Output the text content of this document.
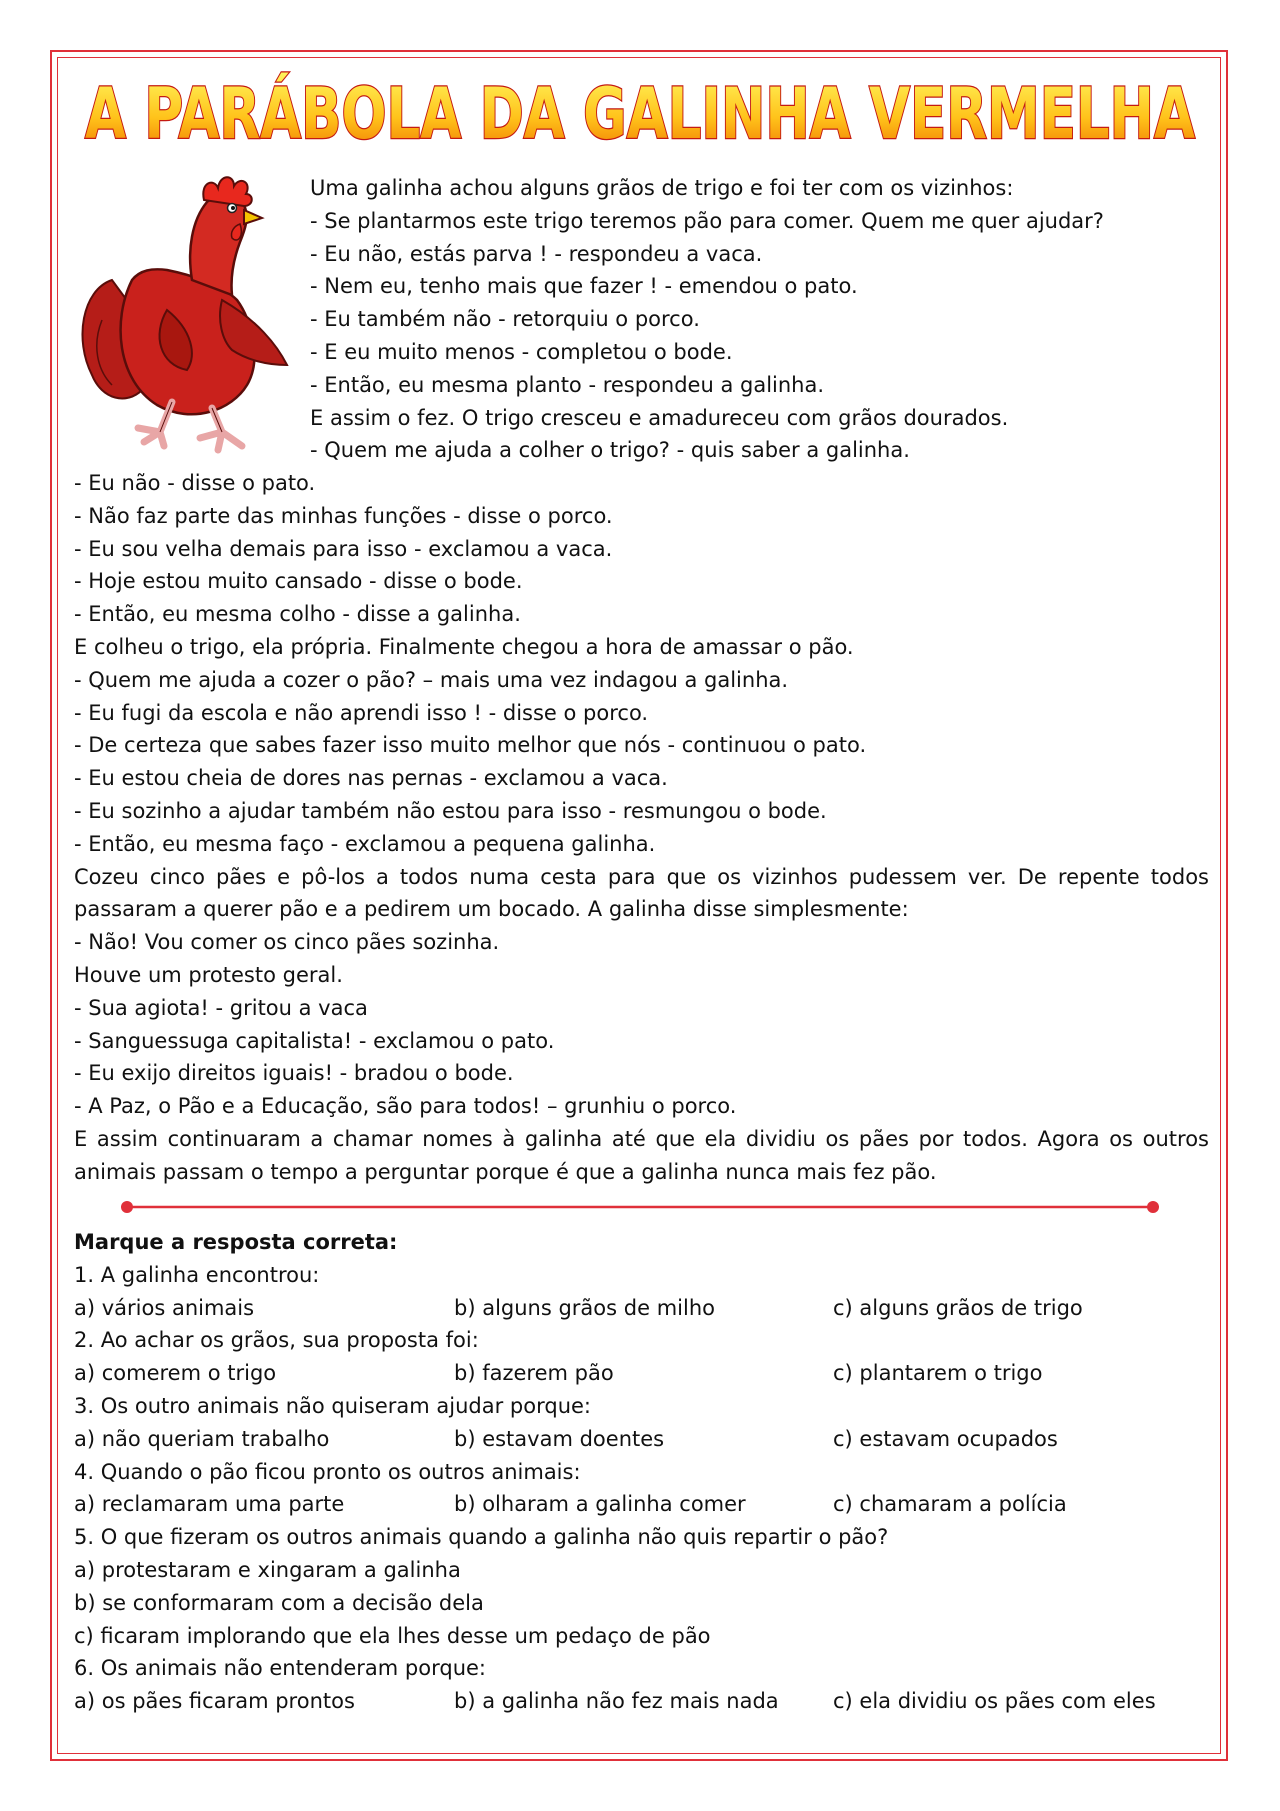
A PARÁBOLA DA GALINHA VERMELHA
Uma galinha achou alguns grãos de trigo e foi ter com os vizinhos:
- Se plantarmos este trigo teremos pão para comer. Quem me quer ajudar?
- Eu não, estás parva ! - respondeu a vaca.
- Nem eu, tenho mais que fazer ! - emendou o pato.
- Eu também não - retorquiu o porco.
- E eu muito menos - completou o bode.
- Então, eu mesma planto - respondeu a galinha.
E assim o fez. O trigo cresceu e amadureceu com grãos dourados.
- Quem me ajuda a colher o trigo? - quis saber a galinha.
- Eu não - disse o pato.
- Não faz parte das minhas funções - disse o porco.
- Eu sou velha demais para isso - exclamou a vaca.
- Hoje estou muito cansado - disse o bode.
- Então, eu mesma colho - disse a galinha.
E colheu o trigo, ela própria. Finalmente chegou a hora de amassar o pão.
- Quem me ajuda a cozer o pão? – mais uma vez indagou a galinha.
- Eu fugi da escola e não aprendi isso ! - disse o porco.
- De certeza que sabes fazer isso muito melhor que nós - continuou o pato.
- Eu estou cheia de dores nas pernas - exclamou a vaca.
- Eu sozinho a ajudar também não estou para isso - resmungou o bode.
- Então, eu mesma faço - exclamou a pequena galinha.
Cozeu cinco pães e pô-los a todos numa cesta para que os vizinhos pudessem ver. De repente todos passaram a querer pão e a pedirem um bocado. A galinha disse simplesmente:
- Não! Vou comer os cinco pães sozinha.
Houve um protesto geral.
- Sua agiota! - gritou a vaca
- Sanguessuga capitalista! - exclamou o pato.
- Eu exijo direitos iguais! - bradou o bode.
- A Paz, o Pão e a Educação, são para todos! – grunhiu o porco.
E assim continuaram a chamar nomes à galinha até que ela dividiu os pães por todos. Agora os outros animais passam o tempo a perguntar porque é que a galinha nunca mais fez pão.
Marque a resposta correta:
1. A galinha encontrou:
a) vários animais	b) alguns grãos de milho	c) alguns grãos de trigo
2. Ao achar os grãos, sua proposta foi:
a) comerem o trigo	b) fazerem pão	c) plantarem o trigo
3. Os outro animais não quiseram ajudar porque:
a) não queriam trabalho	b) estavam doentes	c) estavam ocupados
4. Quando o pão ficou pronto os outros animais:
a) reclamaram uma parte	b) olharam a galinha comer	c) chamaram a polícia
5. O que fizeram os outros animais quando a galinha não quis repartir o pão?
a) protestaram e xingaram a galinha
b) se conformaram com a decisão dela
c) ficaram implorando que ela lhes desse um pedaço de pão
6. Os animais não entenderam porque:
a) os pães ficaram prontos	b) a galinha não fez mais nada	c) ela dividiu os pães com eles
